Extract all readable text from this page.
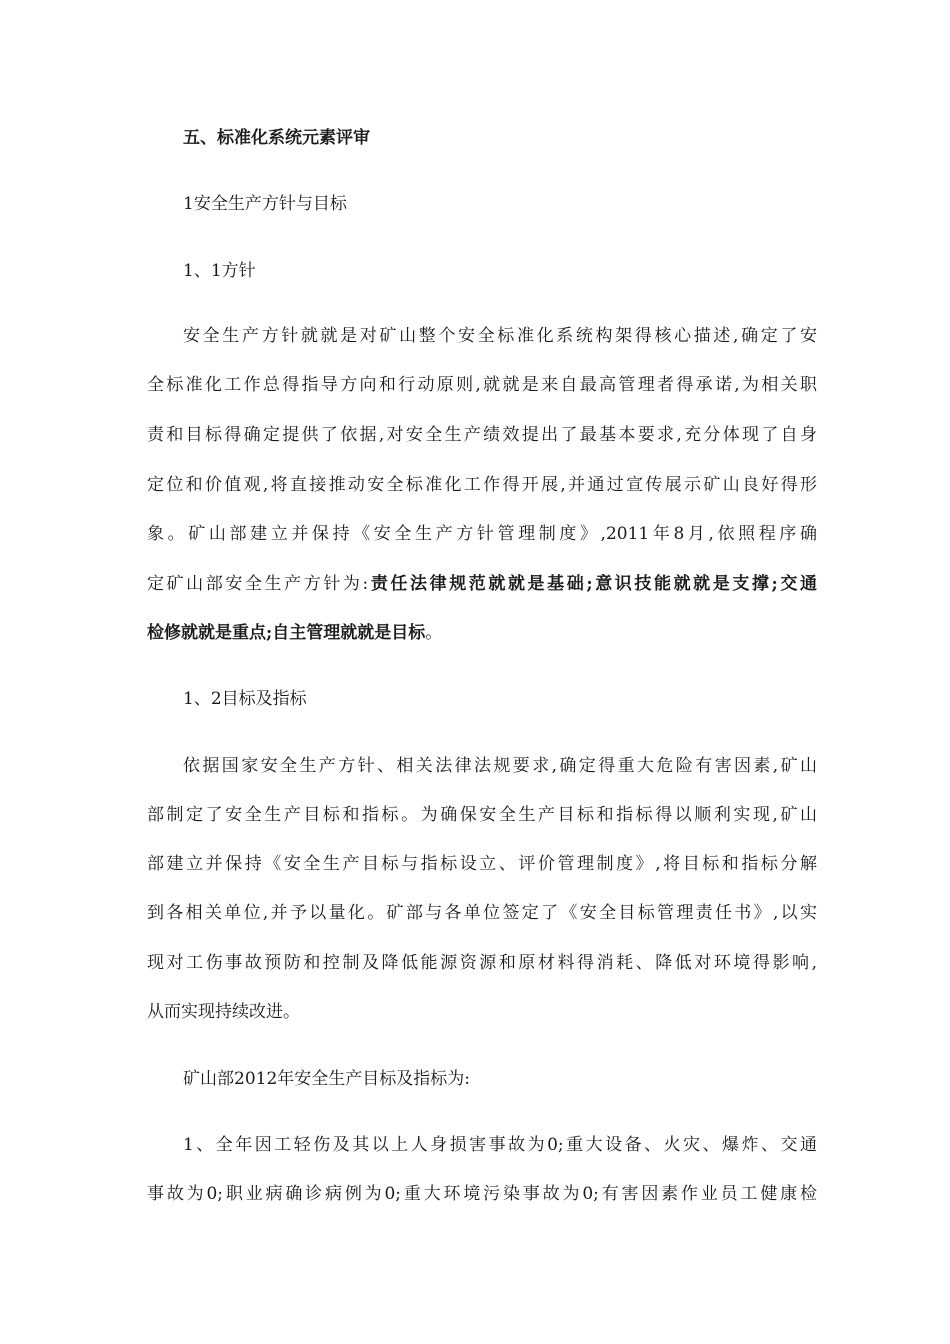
五、标准化系统元素评审
1安全生产方针与目标
1、1方针
安全生产方针就就是对矿山整个安全标准化系统构架得核心描述,确定了安
全标准化工作总得指导方向和行动原则,就就是来自最高管理者得承诺,为相关职
责和目标得确定提供了依据,对安全生产绩效提出了最基本要求,充分体现了自身
定位和价值观,将直接推动安全标准化工作得开展,并通过宣传展示矿山良好得形
象。矿山部建立并保持《安全生产方针管理制度》,2011年8月,依照程序确
定矿山部安全生产方针为:责任法律规范就就是基础;意识技能就就是支撑;交通
检修就就是重点;自主管理就就是目标。
1、2目标及指标
依据国家安全生产方针、相关法律法规要求,确定得重大危险有害因素,矿山
部制定了安全生产目标和指标。为确保安全生产目标和指标得以顺利实现,矿山
部建立并保持《安全生产目标与指标设立、评价管理制度》,将目标和指标分解
到各相关单位,并予以量化。矿部与各单位签定了《安全目标管理责任书》,以实
现对工伤事故预防和控制及降低能源资源和原材料得消耗、降低对环境得影响,
从而实现持续改进。
矿山部2012年安全生产目标及指标为:
1、全年因工轻伤及其以上人身损害事故为0;重大设备、火灾、爆炸、交通
事故为0;职业病确诊病例为0;重大环境污染事故为0;有害因素作业员工健康检
